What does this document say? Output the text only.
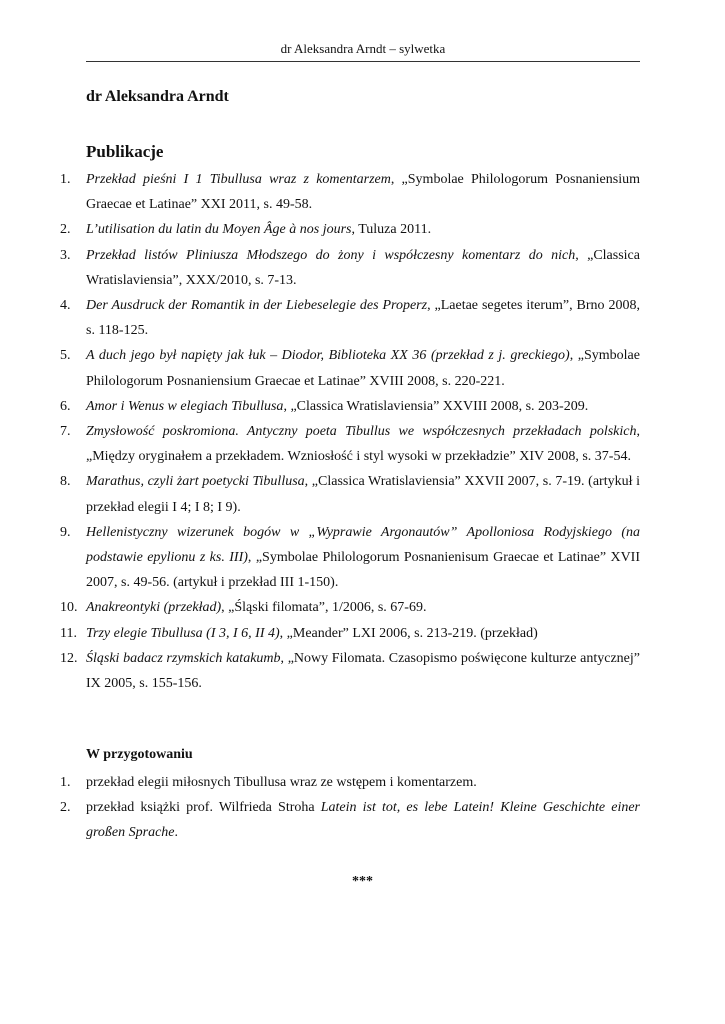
dr Aleksandra Arndt – sylwetka
dr Aleksandra Arndt
Publikacje
1. Przekład pieśni I 1 Tibullusa wraz z komentarzem, „Symbolae Philologorum Posnaniensium Graecae et Latinae” XXI 2011, s. 49-58.
2. L’utilisation du latin du Moyen Âge à nos jours, Tuluza 2011.
3. Przekład listów Pliniusza Młodszego do żony i współczesny komentarz do nich, „Classica Wratislaviensia”, XXX/2010, s. 7-13.
4. Der Ausdruck der Romantik in der Liebeselegie des Properz, „Laetae segetes iterum”, Brno 2008, s. 118-125.
5. A duch jego był napięty jak łuk – Diodor, Biblioteka XX 36 (przekład z j. greckiego), „Symbolae Philologorum Posnaniensium Graecae et Latinae” XVIII 2008, s. 220-221.
6. Amor i Wenus w elegiach Tibullusa, „Classica Wratislaviensia” XXVIII 2008, s. 203-209.
7. Zmysłowość poskromiona. Antyczny poeta Tibullus we współczesnych przekładach polskich, „Między oryginałem a przekładem. Wzniosłość i styl wysoki w przekładzie” XIV 2008, s. 37-54.
8. Marathus, czyli żart poetycki Tibullusa, „Classica Wratislaviensia” XXVII 2007, s. 7-19. (artykuł i przekład elegii I 4; I 8; I 9).
9. Hellenistyczny wizerunek bogów w „Wyprawie Argonautów” Apolloniosa Rodyjskiego (na podstawie epylionu z ks. III), „Symbolae Philologorum Posnanienisum Graecae et Latinae” XVII 2007, s. 49-56. (artykuł i przekład III 1-150).
10. Anakreontyki (przekład), „Śląski filomata”, 1/2006, s. 67-69.
11. Trzy elegie Tibullusa (I 3, I 6, II 4), „Meander” LXI 2006, s. 213-219. (przekład)
12. Śląski badacz rzymskich katakumb, „Nowy Filomata. Czasopismo poświęcone kulturze antycznej” IX 2005, s. 155-156.
W przygotowaniu
1. przekład elegii miłosnych Tibullusa wraz ze wstępem i komentarzem.
2. przekład książki prof. Wilfrieda Stroha Latein ist tot, es lebe Latein! Kleine Geschichte einer großen Sprache.
***
